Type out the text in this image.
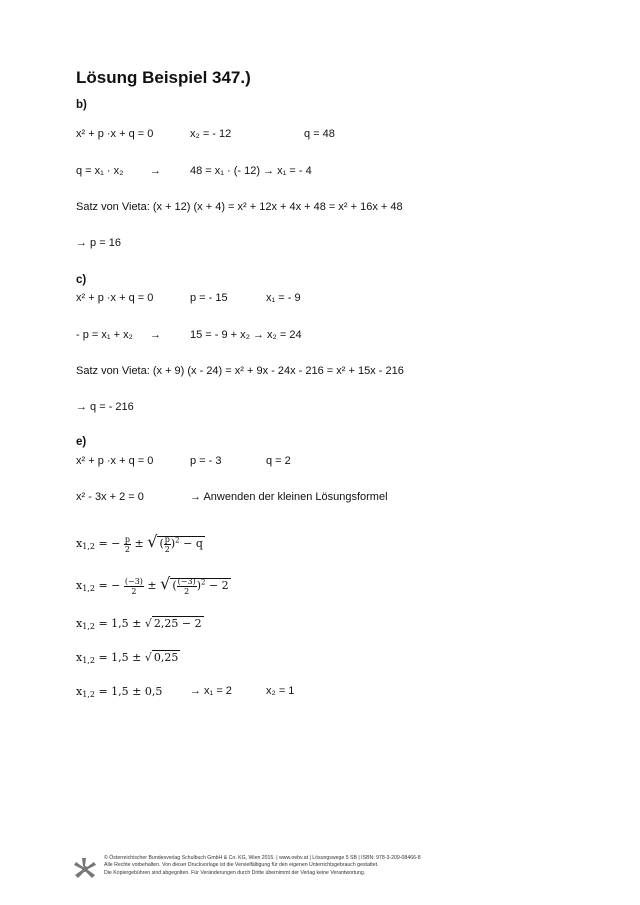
Lösung Beispiel 347.)
b)
x² + p ·x + q = 0	x₂ = - 12	q = 48
q = x₁ · x₂ →	48 = x₁ · (- 12) → x₁ = - 4
Satz von Vieta: (x + 12) (x + 4) = x² + 12x + 4x + 48 = x² + 16x + 48
→ p = 16
c)
x² + p ·x + q = 0	p = - 15	x₁ = - 9
- p = x₁ + x₂ →	15 = - 9 + x₂ → x₂ = 24
Satz von Vieta: (x + 9) (x - 24) = x² + 9x - 24x - 216 = x² + 15x - 216
→ q = - 216
e)
x² + p ·x + q = 0	p = - 3	q = 2
x² - 3x + 2 = 0	→ Anwenden der kleinen Lösungsformel
$x_{1,2}$ = − $\frac{p}{2}$ ± √ ( $\frac{p}{2} )^2 - q$
$x_{1,2}$ = − $\frac{(-3)}{2}$ ± √ ( $\frac{(-3)}{2} )^2 - 2$
$x_{1,2} = 1,5$ ± √ 2,25 − 2
$x_{1,2} = 1,5$ ± √ 0,25
$x_{1,2} = 1,5 \pm 0,5$	→ x₁ = 2	x₂ = 1
© Österreichischer Bundesverlag Schulbuch GmbH & Co. KG, Wien 2015. | www.oebv.at | Lösungswege 5 SB | ISBN: 978-3-209-08466-8
Alle Rechte vorbehalten. Von dieser Druckvorlage ist die Vervielfältigung für den eigenen Unterrichtsgebrauch gestattet.
Die Kopiergebühren sind abgegolten. Für Veränderungen durch Dritte übernimmt der Verlag keine Verantwortung.
